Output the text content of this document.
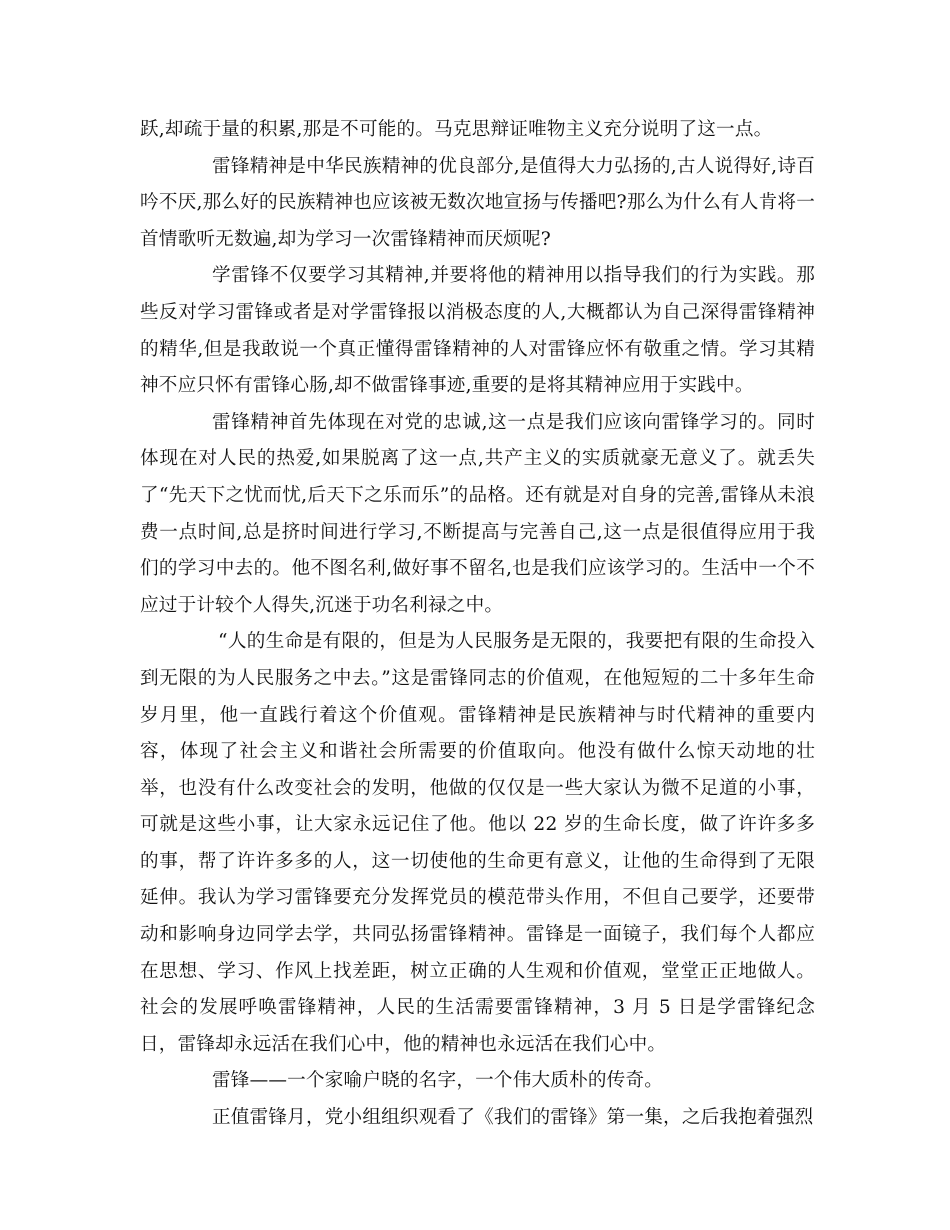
跃,却疏于量的积累,那是不可能的。马克思辩证唯物主义充分说明了这一点。

雷锋精神是中华民族精神的优良部分,是值得大力弘扬的,古人说得好,诗百吟不厌,那么好的民族精神也应该被无数次地宣扬与传播吧?那么为什么有人肯将一首情歌听无数遍,却为学习一次雷锋精神而厌烦呢?

学雷锋不仅要学习其精神,并要将他的精神用以指导我们的行为实践。那些反对学习雷锋或者是对学雷锋报以消极态度的人,大概都认为自己深得雷锋精神的精华,但是我敢说一个真正懂得雷锋精神的人对雷锋应怀有敬重之情。学习其精神不应只怀有雷锋心肠,却不做雷锋事迹,重要的是将其精神应用于实践中。

雷锋精神首先体现在对党的忠诚,这一点是我们应该向雷锋学习的。同时体现在对人民的热爱,如果脱离了这一点,共产主义的实质就豪无意义了。就丢失了“先天下之忧而忧,后天下之乐而乐”的品格。还有就是对自身的完善,雷锋从未浪费一点时间,总是挤时间进行学习,不断提高与完善自己,这一点是很值得应用于我们的学习中去的。他不图名利,做好事不留名,也是我们应该学习的。生活中一个不应过于计较个人得失,沉迷于功名利禄之中。

“人的生命是有限的，但是为人民服务是无限的，我要把有限的生命投入到无限的为人民服务之中去。”这是雷锋同志的价值观，在他短短的二十多年生命岁月里，他一直践行着这个价值观。雷锋精神是民族精神与时代精神的重要内容，体现了社会主义和谐社会所需要的价值取向。他没有做什么惊天动地的壮举，也没有什么改变社会的发明，他做的仅仅是一些大家认为微不足道的小事，可就是这些小事，让大家永远记住了他。他以 22 岁的生命长度，做了许许多多的事，帮了许许多多的人，这一切使他的生命更有意义，让他的生命得到了无限延伸。我认为学习雷锋要充分发挥党员的模范带头作用，不但自己要学，还要带动和影响身边同学去学，共同弘扬雷锋精神。雷锋是一面镜子，我们每个人都应在思想、学习、作风上找差距，树立正确的人生观和价值观，堂堂正正地做人。社会的发展呼唤雷锋精神，人民的生活需要雷锋精神，3 月 5 日是学雷锋纪念日，雷锋却永远活在我们心中，他的精神也永远活在我们心中。

雷锋——一个家喻户晓的名字，一个伟大质朴的传奇。

正值雷锋月，党小组组织观看了《我们的雷锋》第一集，之后我抱着强烈
